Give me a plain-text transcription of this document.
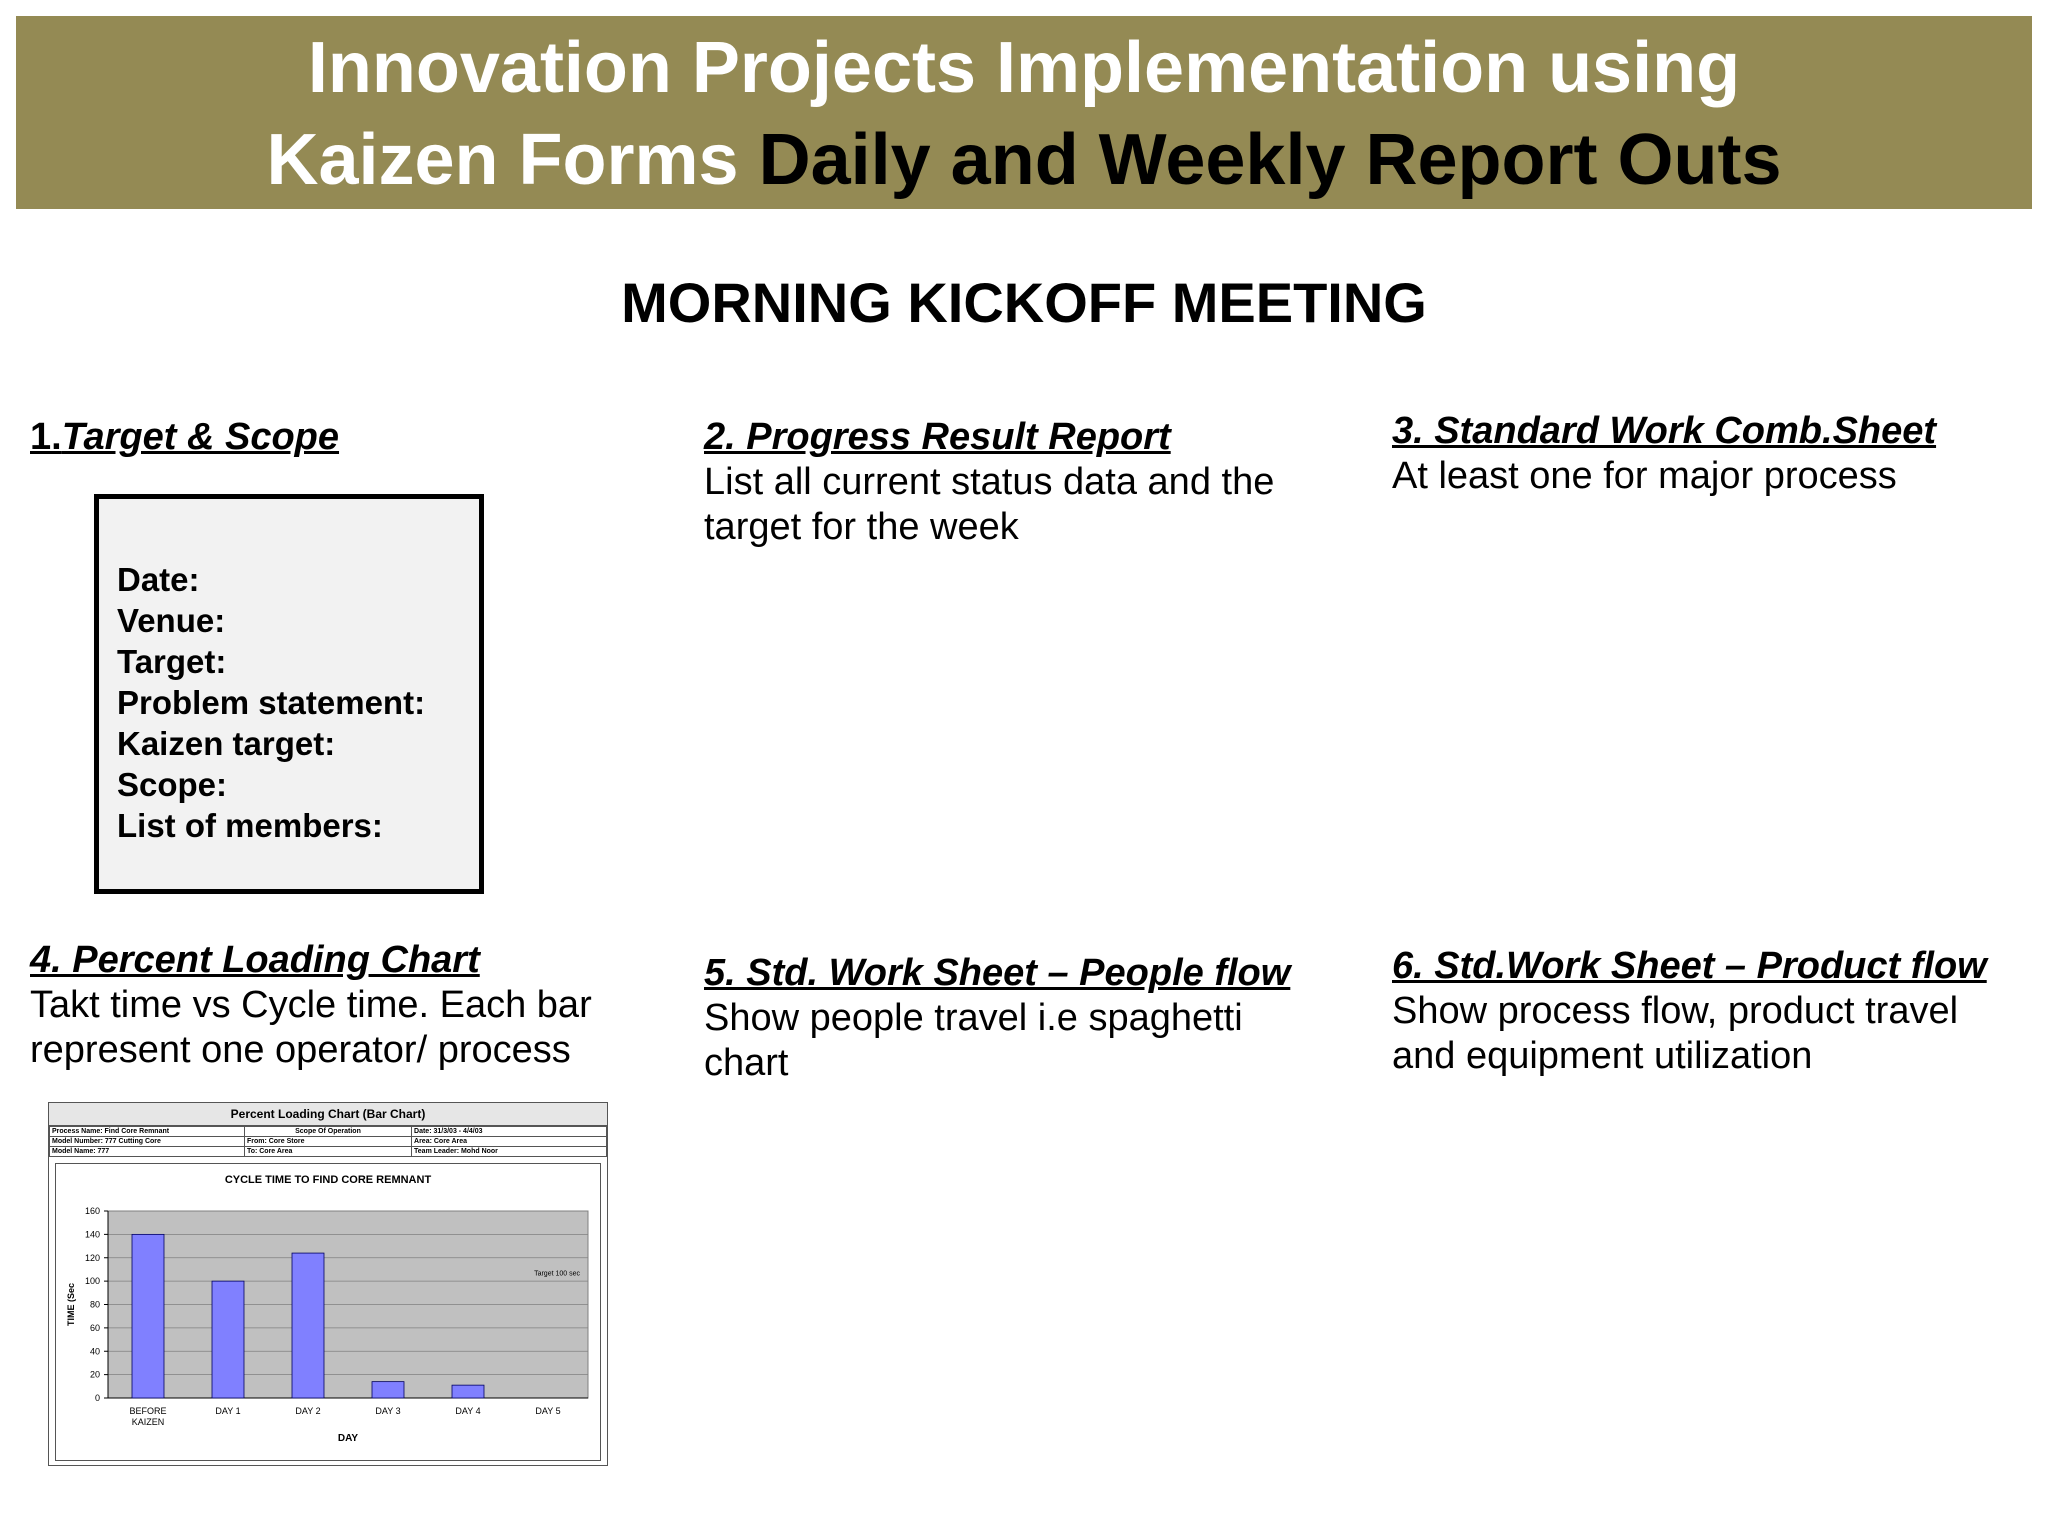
Innovation Projects Implementation using
Kaizen Forms Daily and Weekly Report Outs
MORNING KICKOFF MEETING
1.Target & Scope
Date:
Venue:
Target:
Problem statement:
Kaizen target:
Scope:
List of members:
2. Progress Result Report
List all current status data and the
target for the week
3. Standard Work Comb.Sheet
At least one for major process
4. Percent Loading Chart
Takt time vs Cycle time. Each bar
represent one operator/ process
5. Std. Work Sheet – People flow
Show people travel i.e spaghetti
chart
6. Std.Work Sheet – Product flow
Show process flow, product travel
and equipment utilization
Percent Loading Chart (Bar Chart)
Process Name: Find Core Remnant	Scope Of Operation	Date: 31/3/03 - 4/4/03
Model Number: 777 Cutting Core	From: Core Store	Area: Core Area
Model Name: 777	To: Core Area	Team Leader: Mohd Noor
CYCLE TIME TO FIND CORE REMNANT
0
20
40
60
80
100
120
140
160
BEFORE
KAIZEN
DAY 1	DAY 2	DAY 3	DAY 4	DAY 5
Target 100 sec
DAY
TIME (Sec
